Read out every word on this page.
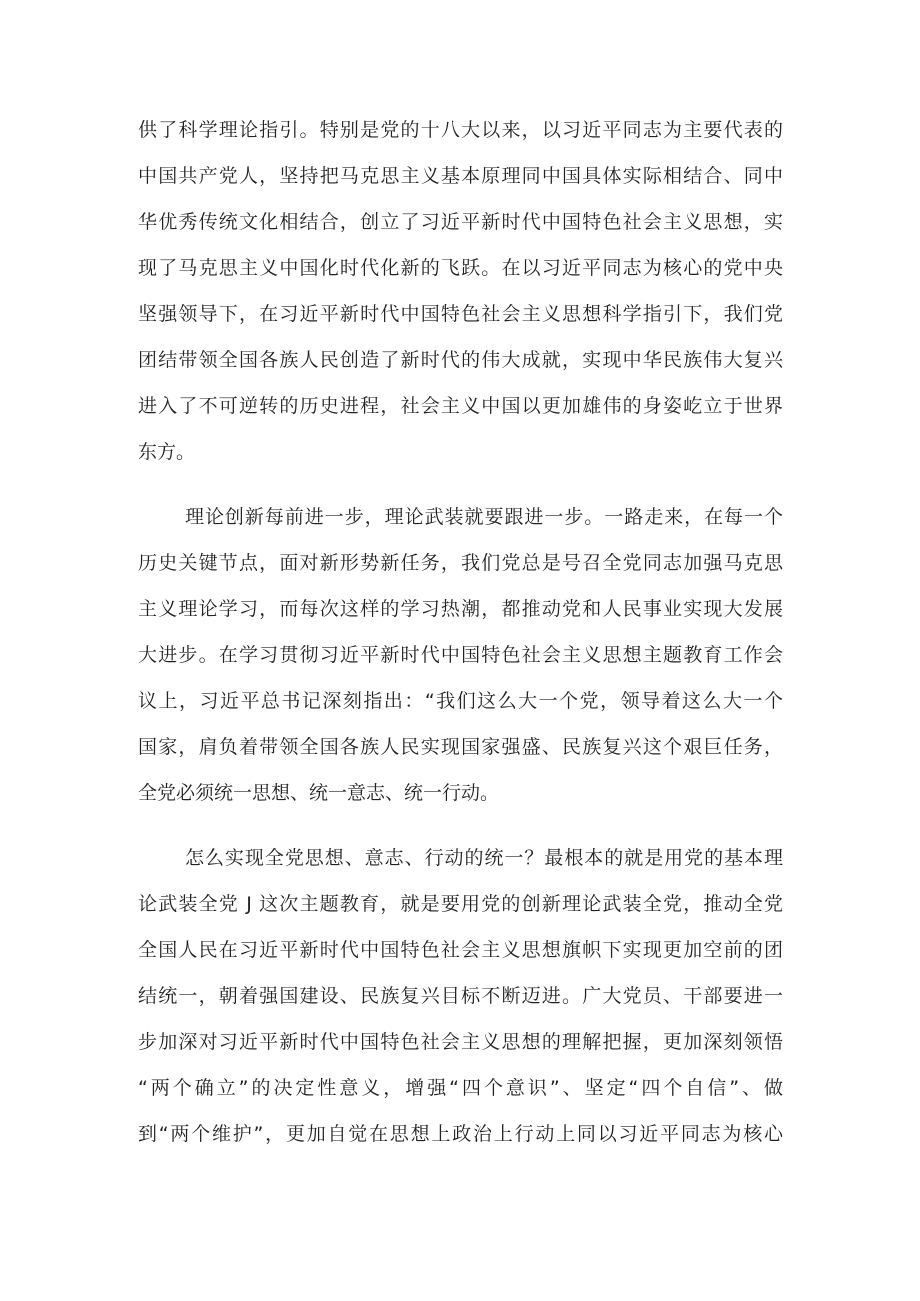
供了科学理论指引。特别是党的十八大以来，以习近平同志为主要代表的
中国共产党人，坚持把马克思主义基本原理同中国具体实际相结合、同中
华优秀传统文化相结合，创立了习近平新时代中国特色社会主义思想，实
现了马克思主义中国化时代化新的飞跃。在以习近平同志为核心的党中央
坚强领导下，在习近平新时代中国特色社会主义思想科学指引下，我们党
团结带领全国各族人民创造了新时代的伟大成就，实现中华民族伟大复兴
进入了不可逆转的历史进程，社会主义中国以更加雄伟的身姿屹立于世界
东方。
理论创新每前进一步，理论武装就要跟进一步。一路走来，在每一个
历史关键节点，面对新形势新任务，我们党总是号召全党同志加强马克思
主义理论学习，而每次这样的学习热潮，都推动党和人民事业实现大发展
大进步。在学习贯彻习近平新时代中国特色社会主义思想主题教育工作会
议上，习近平总书记深刻指出：“我们这么大一个党，领导着这么大一个
国家，肩负着带领全国各族人民实现国家强盛、民族复兴这个艰巨任务，
全党必须统一思想、统一意志、统一行动。
怎么实现全党思想、意志、行动的统一？最根本的就是用党的基本理
论武装全党 J 这次主题教育，就是要用党的创新理论武装全党，推动全党
全国人民在习近平新时代中国特色社会主义思想旗帜下实现更加空前的团
结统一，朝着强国建设、民族复兴目标不断迈进。广大党员、干部要进一
步加深对习近平新时代中国特色社会主义思想的理解把握，更加深刻领悟
“两个确立”的决定性意义，增强“四个意识”、坚定“四个自信”、做
到“两个维护”，更加自觉在思想上政治上行动上同以习近平同志为核心
